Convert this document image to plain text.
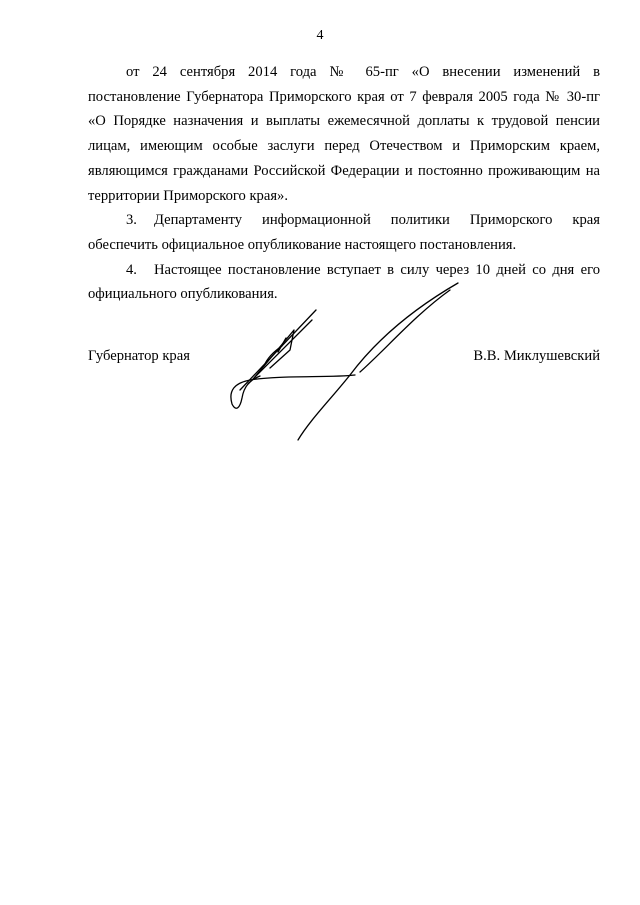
4
от 24 сентября 2014 года № 65-пг «О внесении изменений в
постановление Губернатора Приморского края от 7 февраля 2005 года № 30-пг
«О Порядке назначения и выплаты ежемесячной доплаты к трудовой пенсии
лицам, имеющим особые заслуги перед Отечеством и Приморским краем,
являющимся гражданами Российской Федерации и постоянно проживающим на
территории Приморского края».
3. Департаменту информационной политики Приморского края
обеспечить официальное опубликование настоящего постановления.
4. Настоящее постановление вступает в силу через 10 дней со дня его
официального опубликования.
Губернатор края	В.В. Миклушевский
